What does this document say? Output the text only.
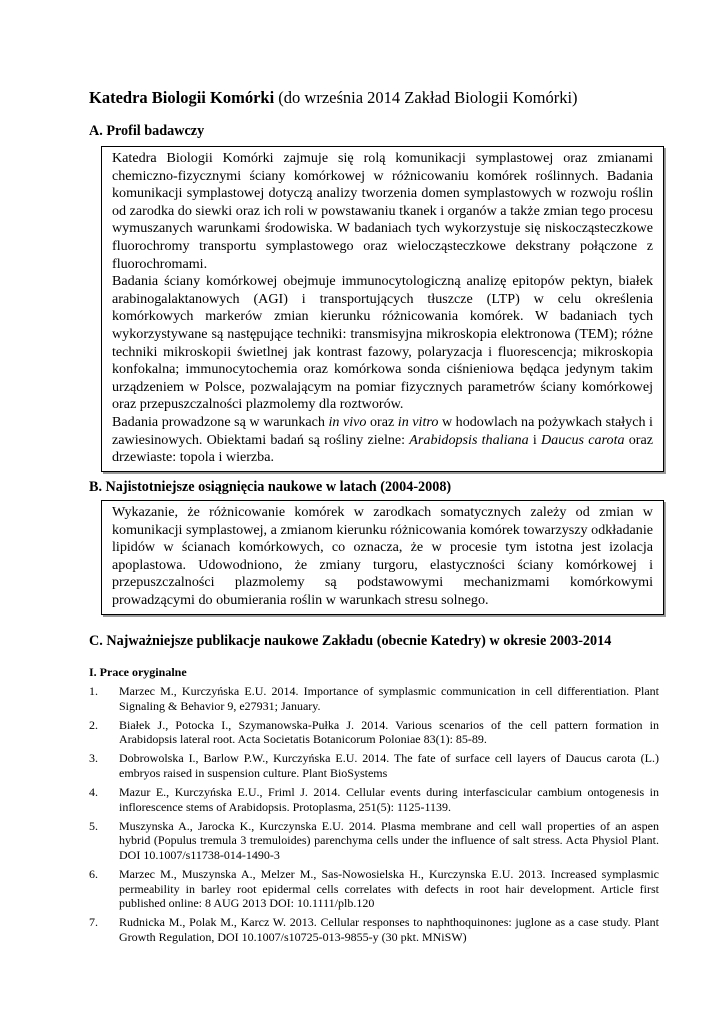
Katedra Biologii Komórki (do września 2014 Zakład Biologii Komórki)
A. Profil badawczy

Katedra Biologii Komórki zajmuje się rolą komunikacji symplastowej oraz zmianami chemiczno-fizycznymi ściany komórkowej w różnicowaniu komórek roślinnych. Badania komunikacji symplastowej dotyczą analizy tworzenia domen symplastowych w rozwoju roślin od zarodka do siewki oraz ich roli w powstawaniu tkanek i organów a także zmian tego procesu wymuszanych warunkami środowiska. W badaniach tych wykorzystuje się niskocząsteczkowe fluorochromy transportu symplastowego oraz wielocząsteczkowe dekstrany połączone z fluorochromami.

Badania ściany komórkowej obejmuje immunocytologiczną analizę epitopów pektyn, białek arabinogalaktanowych (AGI) i transportujących tłuszcze (LTP) w celu określenia komórkowych markerów zmian kierunku różnicowania komórek. W badaniach tych wykorzystywane są następujące techniki: transmisyjna mikroskopia elektronowa (TEM); różne techniki mikroskopii świetlnej jak kontrast fazowy, polaryzacja i fluorescencja; mikroskopia konfokalna; immunocytochemia oraz komórkowa sonda ciśnieniowa będąca jedynym takim urządzeniem w Polsce, pozwalającym na pomiar fizycznych parametrów ściany komórkowej oraz przepuszczalności plazmolemy dla roztworów.

Badania prowadzone są w warunkach in vivo oraz in vitro w hodowlach na pożywkach stałych i zawiesinowych. Obiektami badań są rośliny zielne: Arabidopsis thaliana i Daucus carota oraz drzewiaste: topola i wierzba.

B. Najistotniejsze osiągnięcia naukowe w latach (2004-2008)

Wykazanie, że różnicowanie komórek w zarodkach somatycznych zależy od zmian w komunikacji symplastowej, a zmianom kierunku różnicowania komórek towarzyszy odkładanie lipidów w ścianach komórkowych, co oznacza, że w procesie tym istotna jest izolacja apoplastowa. Udowodniono, że zmiany turgoru, elastyczności ściany komórkowej i przepuszczalności plazmolemy są podstawowymi mechanizmami komórkowymi prowadzącymi do obumierania roślin w warunkach stresu solnego.

C. Najważniejsze publikacje naukowe Zakładu (obecnie Katedry) w okresie 2003-2014
I. Prace oryginalne
1. Marzec M., Kurczyńska E.U. 2014. Importance of symplasmic communication in cell differentiation. Plant Signaling & Behavior 9, e27931; January.
2. Białek J., Potocka I., Szymanowska-Pułka J. 2014. Various scenarios of the cell pattern formation in Arabidopsis lateral root. Acta Societatis Botanicorum Poloniae 83(1): 85-89.
3. Dobrowolska I., Barlow P.W., Kurczyńska E.U. 2014. The fate of surface cell layers of Daucus carota (L.) embryos raised in suspension culture. Plant BioSystems
4. Mazur E., Kurczyńska E.U., Friml J. 2014. Cellular events during interfascicular cambium ontogenesis in inflorescence stems of Arabidopsis. Protoplasma, 251(5): 1125-1139.
5. Muszynska A., Jarocka K., Kurczynska E.U. 2014. Plasma membrane and cell wall properties of an aspen hybrid (Populus tremula 3 tremuloides) parenchyma cells under the influence of salt stress. Acta Physiol Plant. DOI 10.1007/s11738-014-1490-3
6. Marzec M., Muszynska A., Melzer M., Sas-Nowosielska H., Kurczynska E.U. 2013. Increased symplasmic permeability in barley root epidermal cells correlates with defects in root hair development. Article first published online: 8 AUG 2013 DOI: 10.1111/plb.120
7. Rudnicka M., Polak M., Karcz W. 2013. Cellular responses to naphthoquinones: juglone as a case study. Plant Growth Regulation, DOI 10.1007/s10725-013-9855-y (30 pkt. MNiSW)
